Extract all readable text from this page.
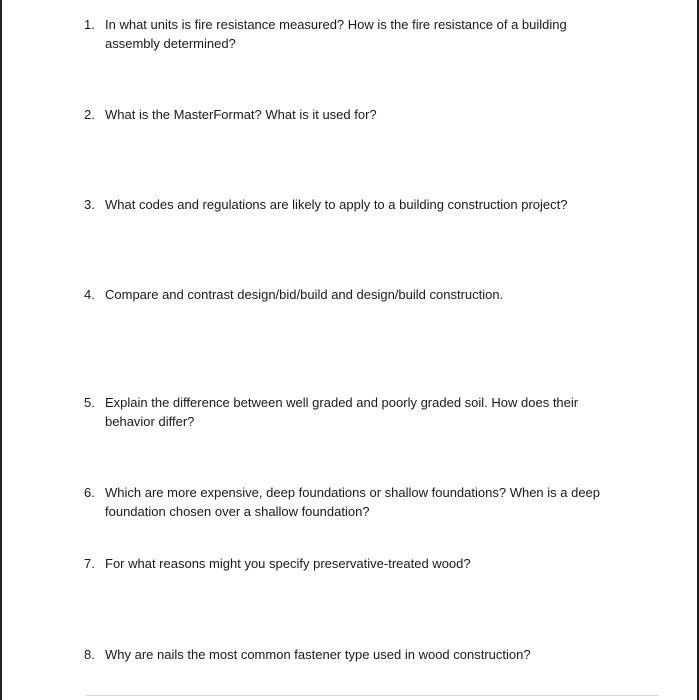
1. In what units is fire resistance measured? How is the fire resistance of a building assembly determined?
2. What is the MasterFormat? What is it used for?
3. What codes and regulations are likely to apply to a building construction project?
4. Compare and contrast design/bid/build and design/build construction.
5. Explain the difference between well graded and poorly graded soil. How does their behavior differ?
6. Which are more expensive, deep foundations or shallow foundations? When is a deep foundation chosen over a shallow foundation?
7. For what reasons might you specify preservative-treated wood?
8. Why are nails the most common fastener type used in wood construction?
